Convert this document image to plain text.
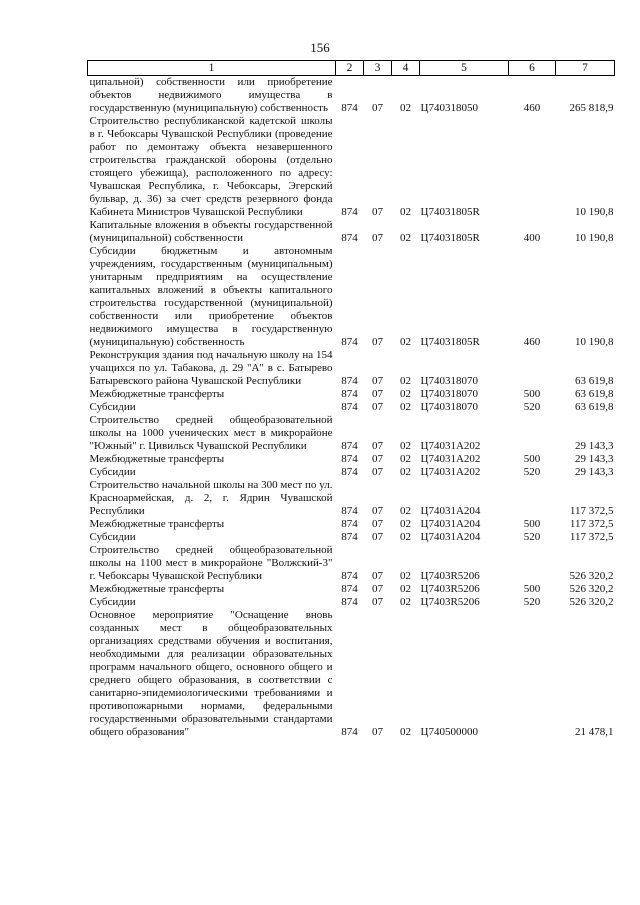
156
1	2	3	4	5	6	7
ципальной) собственности или приобретение объектов недвижимого имущества в государственную (муниципальную) собственность	874	07	02	Ц740318050	460	265 818,9
Строительство республиканской кадетской школы в г. Чебоксары Чувашской Республики (проведение работ по демонтажу объекта незавершенного строительства гражданской обороны (отдельно стоящего убежища), расположенного по адресу: Чувашская Республика, г. Чебоксары, Эгерский бульвар, д. 36) за счет средств резервного фонда Кабинета Министров Чувашской Республики	874	07	02	Ц74031805R		10 190,8
Капитальные вложения в объекты государственной (муниципальной) собственности	874	07	02	Ц74031805R	400	10 190,8
Субсидии бюджетным и автономным учреждениям, государственным (муниципальным) унитарным предприятиям на осуществление капитальных вложений в объекты капитального строительства государственной (муниципальной) собственности или приобретение объектов недвижимого имущества в государственную (муниципальную) собственность	874	07	02	Ц74031805R	460	10 190,8
Реконструкция здания под начальную школу на 154 учащихся по ул. Табакова, д. 29 "А" в с. Батырево Батыревского района Чувашской Республики	874	07	02	Ц740318070		63 619,8
Межбюджетные трансферты	874	07	02	Ц740318070	500	63 619,8
Субсидии	874	07	02	Ц740318070	520	63 619,8
Строительство средней общеобразовательной школы на 1000 ученических мест в микрорайоне "Южный" г. Цивильск Чувашской Республики	874	07	02	Ц74031А202		29 143,3
Межбюджетные трансферты	874	07	02	Ц74031А202	500	29 143,3
Субсидии	874	07	02	Ц74031А202	520	29 143,3
Строительство начальной школы на 300 мест по ул. Красноармейская, д. 2, г. Ядрин Чувашской Республики	874	07	02	Ц74031А204		117 372,5
Межбюджетные трансферты	874	07	02	Ц74031А204	500	117 372,5
Субсидии	874	07	02	Ц74031А204	520	117 372,5
Строительство средней общеобразовательной школы на 1100 мест в микрорайоне "Волжский-3" г. Чебоксары Чувашской Республики	874	07	02	Ц7403R5206		526 320,2
Межбюджетные трансферты	874	07	02	Ц7403R5206	500	526 320,2
Субсидии	874	07	02	Ц7403R5206	520	526 320,2
Основное мероприятие "Оснащение вновь созданных мест в общеобразовательных организациях средствами обучения и воспитания, необходимыми для реализации образовательных программ начального общего, основного общего и среднего общего образования, в соответствии с санитарно-эпидемиологическими требованиями и противопожарными нормами, федеральными государственными образовательными стандартами общего образования"	874	07	02	Ц740500000		21 478,1
